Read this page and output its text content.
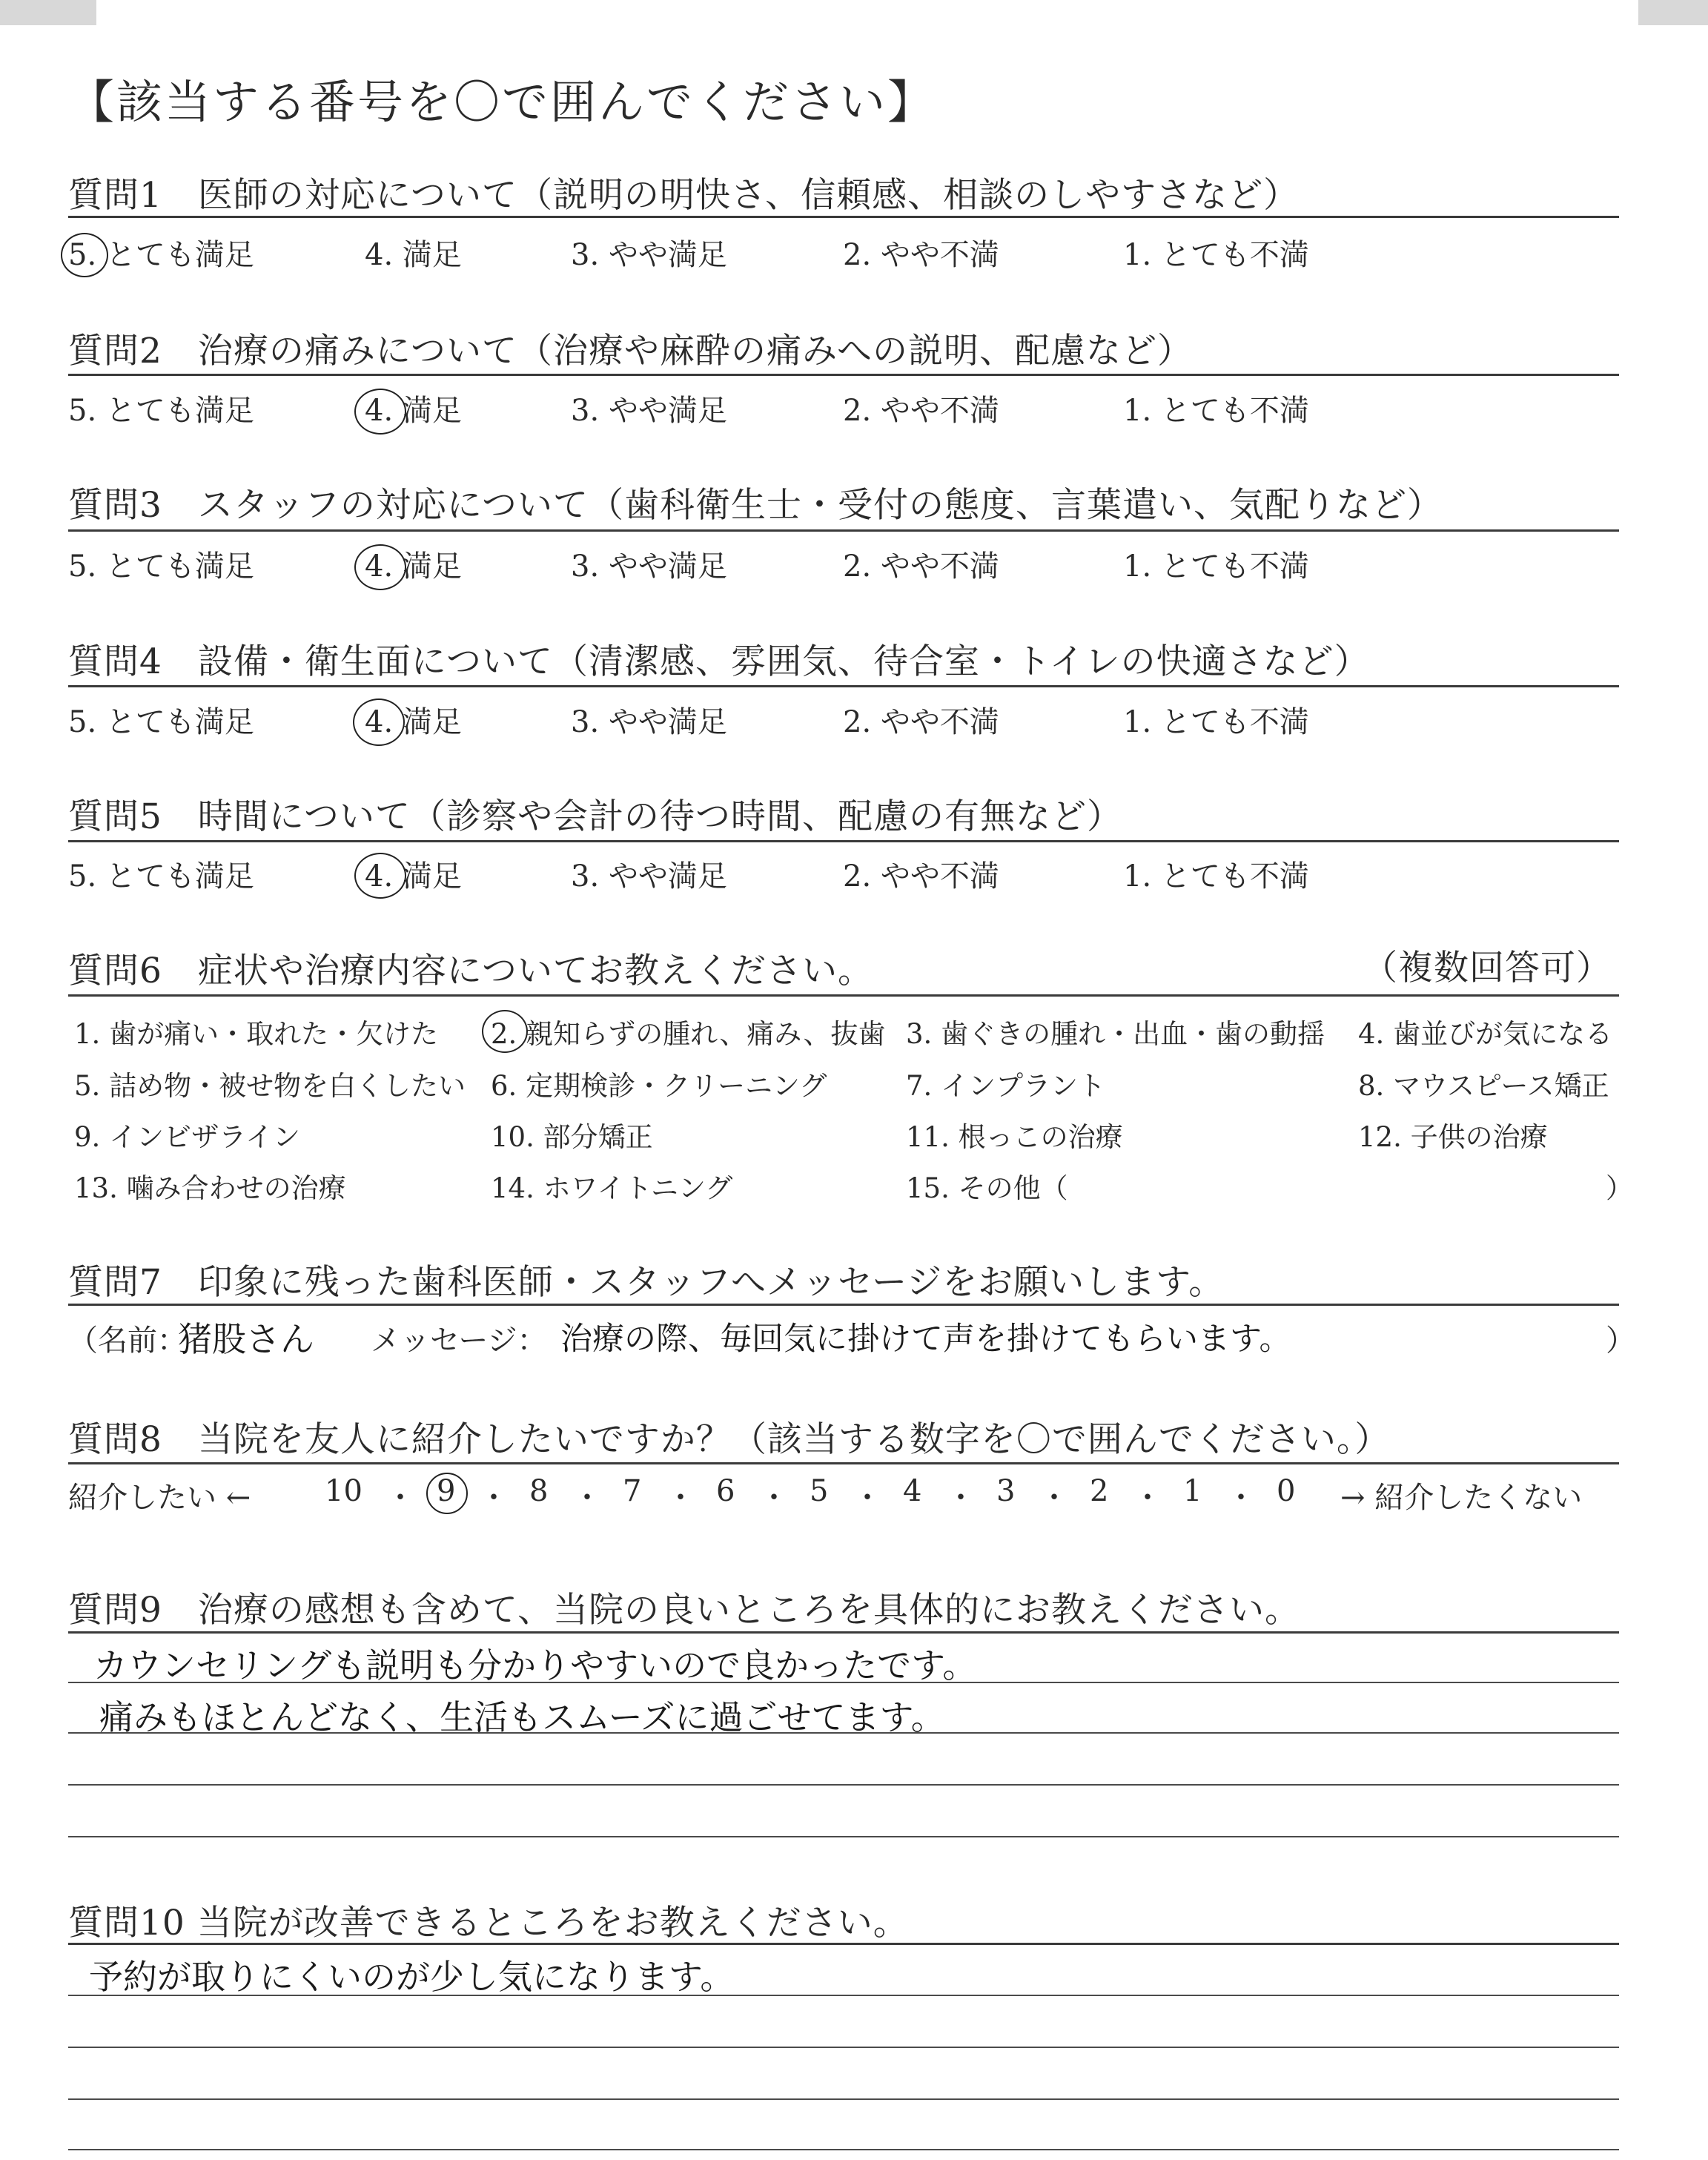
【該当する番号を〇で囲んでください】
質問1　医師の対応について（説明の明快さ、信頼感、相談のしやすさなど）
5. とても満足	4. 満足	3. やや満足	2. やや不満	1. とても不満
質問2　治療の痛みについて（治療や麻酔の痛みへの説明、配慮など）
5. とても満足	4. 満足	3. やや満足	2. やや不満	1. とても不満
質問3　スタッフの対応について（歯科衛生士・受付の態度、言葉遣い、気配りなど）
5. とても満足	4. 満足	3. やや満足	2. やや不満	1. とても不満
質問4　設備・衛生面について（清潔感、雰囲気、待合室・トイレの快適さなど）
5. とても満足	4. 満足	3. やや満足	2. やや不満	1. とても不満
質問5　時間について（診察や会計の待つ時間、配慮の有無など）
5. とても満足	4. 満足	3. やや満足	2. やや不満	1. とても不満
質問6　症状や治療内容についてお教えください。	（複数回答可）
1. 歯が痛い・取れた・欠けた 2. 親知らずの腫れ、痛み、抜歯 3. 歯ぐきの腫れ・出血・歯の動揺 4. 歯並びが気になる
5. 詰め物・被せ物を白くしたい 6. 定期検診・クリーニング	7. インプラント	8. マウスピース矯正
9. インビザライン	10. 部分矯正	11. 根っこの治療	12. 子供の治療
13. 噛み合わせの治療	14. ホワイトニング	15. その他（	）
質問7　印象に残った歯科医師・スタッフへメッセージをお願いします。
（名前：
猪股さん メッセージ： 治療の際、毎回気に掛けて声を掛けてもらいます。	）
質問8　当院を友人に紹介したいですか？（該当する数字を〇で囲んでください。）
紹介したい ← 10 ・ 9 ・ 8 ・ 7 ・ 6 ・ 5 ・ 4 ・ 3 ・ 2 ・ 1 ・ 0 → 紹介したくない
質問9　治療の感想も含めて、当院の良いところを具体的にお教えください。
カウンセリングも説明も分かりやすいので良かったです。
痛みもほとんどなく、生活もスムーズに過ごせてます。
質問10 当院が改善できるところをお教えください。
予約が取りにくいのが少し気になります。
